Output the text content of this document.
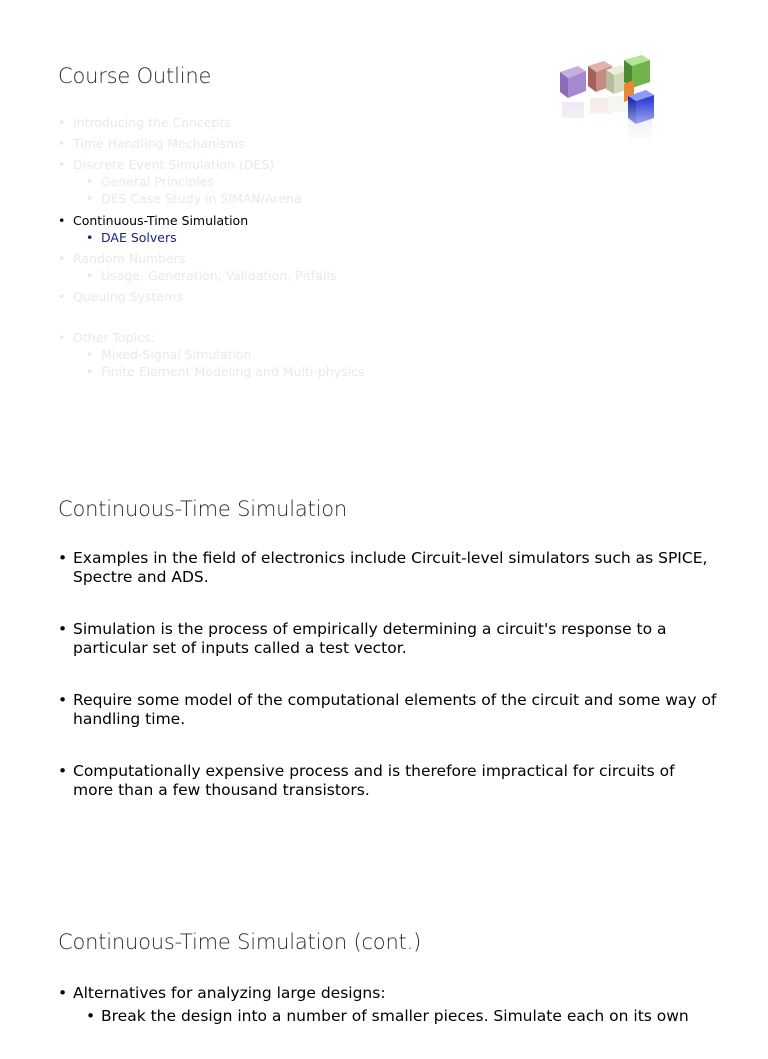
Course Outline
• Introducing the Concepts
• Time Handling Mechanisms
• Discrete Event Simulation (DES)
• General Principles
• DES Case Study in SIMAN/Arena
• Continuous-Time Simulation
• DAE Solvers
• Random Numbers
• Usage, Generation, Validation, Pitfalls
• Queuing Systems
• Other Topics:
• Mixed-Signal Simulation
• Finite Element Modeling and Multi-physics
Continuous-Time Simulation
• Examples in the field of electronics include Circuit-level simulators such as SPICE, Spectre and ADS.
• Simulation is the process of empirically determining a circuit's response to a particular set of inputs called a test vector.
• Require some model of the computational elements of the circuit and some way of handling time.
• Computationally expensive process and is therefore impractical for circuits of more than a few thousand transistors.
Continuous-Time Simulation (cont.)
• Alternatives for analyzing large designs:
• Break the design into a number of smaller pieces. Simulate each on its own
